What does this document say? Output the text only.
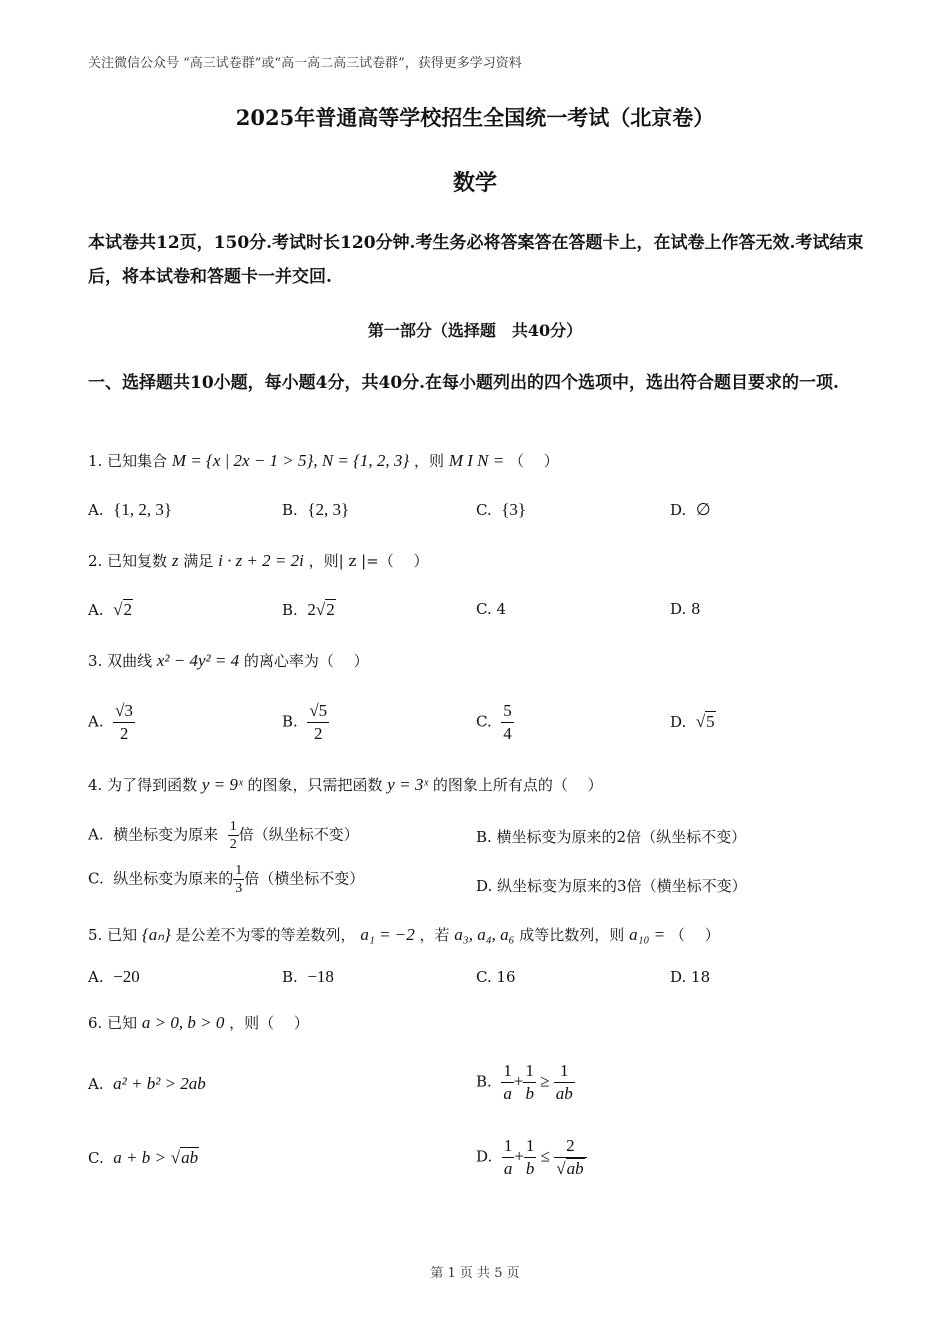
关注微信公众号 “高三试卷群”或“高一高二高三试卷群”，获得更多学习资料
2025年普通高等学校招生全国统一考试（北京卷）
数学
本试卷共12页，150分.考试时长120分钟.考生务必将答案答在答题卡上，在试卷上作答无效.考试结束后，将本试卷和答题卡一并交回.
第一部分（选择题　共40分）
一、选择题共10小题，每小题4分，共40分.在每小题列出的四个选项中，选出符合题目要求的一项.
1. 已知集合 M = {x | 2x − 1 > 5}, N = {1, 2, 3} ，则 M I N = （　 ）
A. {1, 2, 3}	B. {2, 3}	C. {3}	D. ∅
2. 已知复数 z 满足 i · z + 2 = 2i ，则| z |=（　 ）
A. √2	B. 2√2	C. 4	D. 8
3. 双曲线 x² − 4y² = 4 的离心率为（　 ）
A. $\frac{√3}{2}$	B. $\frac{√5}{2}$	C. $\frac{5}{4}$	D. √5
4. 为了得到函数 y = 9ˣ 的图象，只需把函数 y = 3ˣ 的图象上所有点的（　 ）
A. 横坐标变为原来 $\frac{1}{2}$ 倍（纵坐标不变）	B. 横坐标变为原来的2倍（纵坐标不变）
C. 纵坐标变为原来的 $\frac{1}{3}$ 倍（横坐标不变）	D. 纵坐标变为原来的3倍（横坐标不变）
5. 已知 {aₙ} 是公差不为零的等差数列， a₁ = −2 ，若 a₃, a₄, a₆ 成等比数列，则 a₁₀ = （　 ）
A. −20	B. −18	C. 16	D. 18
6. 已知 a > 0, b > 0 ，则（　 ）
A. a² + b² > 2ab	B. $\frac{1}{a} + \frac{1}{b} \ge \frac{1}{ab}$
C. a + b > √ab	D. $\frac{1}{a} + \frac{1}{b} \le \frac{2}{√ab}$
第 1 页 共 5 页
